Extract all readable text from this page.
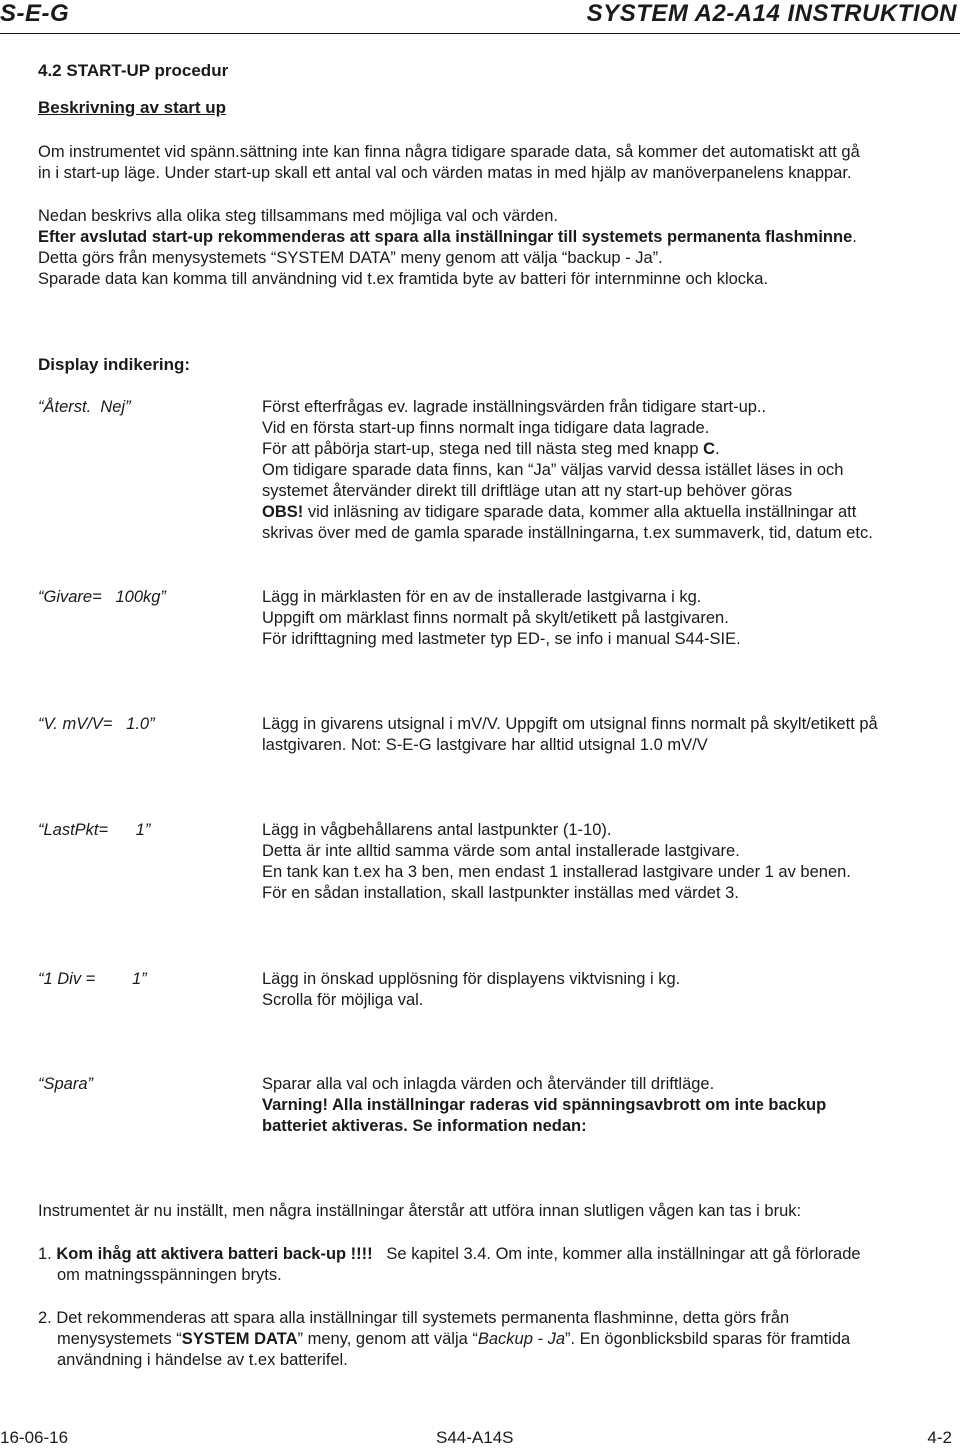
S-E-G	SYSTEM A2-A14 INSTRUKTION
4.2 START-UP procedur
Beskrivning av start up
Om instrumentet vid spänn.sättning inte kan finna några tidigare sparade data, så kommer det automatiskt att gå
in i start-up läge. Under start-up skall ett antal val och värden matas in med hjälp av manöverpanelens knappar.
Nedan beskrivs alla olika steg tillsammans med möjliga val och värden.
Efter avslutad start-up rekommenderas att spara alla inställningar till systemets permanenta flashminne.
Detta görs från menysystemets “SYSTEM DATA” meny genom att välja “backup - Ja”.
Sparade data kan komma till användning vid t.ex framtida byte av batteri för internminne och klocka.
Display indikering:
“Återst.  Nej”	Först efterfrågas ev. lagrade inställningsvärden från tidigare start-up..
Vid en första start-up finns normalt inga tidigare data lagrade.
För att påbörja start-up, stega ned till nästa steg med knapp C.
Om tidigare sparade data finns, kan “Ja” väljas varvid dessa istället läses in och
systemet återvänder direkt till driftläge utan att ny start-up behöver göras
OBS! vid inläsning av tidigare sparade data, kommer alla aktuella inställningar att
skrivas över med de gamla sparade inställningarna, t.ex summaverk, tid, datum etc.
“Givare=   100kg”	Lägg in märklasten för en av de installerade lastgivarna i kg.
Uppgift om märklast finns normalt på skylt/etikett på lastgivaren.
För idrifttagning med lastmeter typ ED-, se info i manual S44-SIE.
“V. mV/V=   1.0”	Lägg in givarens utsignal i mV/V. Uppgift om utsignal finns normalt på skylt/etikett på
lastgivaren. Not: S-E-G lastgivare har alltid utsignal 1.0 mV/V
“LastPkt=      1”	Lägg in vågbehållarens antal lastpunkter (1-10).
Detta är inte alltid samma värde som antal installerade lastgivare.
En tank kan t.ex ha 3 ben, men endast 1 installerad lastgivare under 1 av benen.
För en sådan installation, skall lastpunkter inställas med värdet 3.
“1 Div =        1”	Lägg in önskad upplösning för displayens viktvisning i kg.
Scrolla för möjliga val.
“Spara”	Sparar alla val och inlagda värden och återvänder till driftläge.
Varning! Alla inställningar raderas vid spänningsavbrott om inte backup
batteriet aktiveras. Se information nedan:
Instrumentet är nu inställt, men några inställningar återstår att utföra innan slutligen vågen kan tas i bruk:
1. Kom ihåg att aktivera batteri back-up !!!!   Se kapitel 3.4. Om inte, kommer alla inställningar att gå förlorade
om matningsspänningen bryts.
2. Det rekommenderas att spara alla inställningar till systemets permanenta flashminne, detta görs från
menysystemets “SYSTEM DATA” meny, genom att välja “Backup - Ja”. En ögonblicksbild sparas för framtida
användning i händelse av t.ex batterifel.
16-06-16	S44-A14S	4-2
